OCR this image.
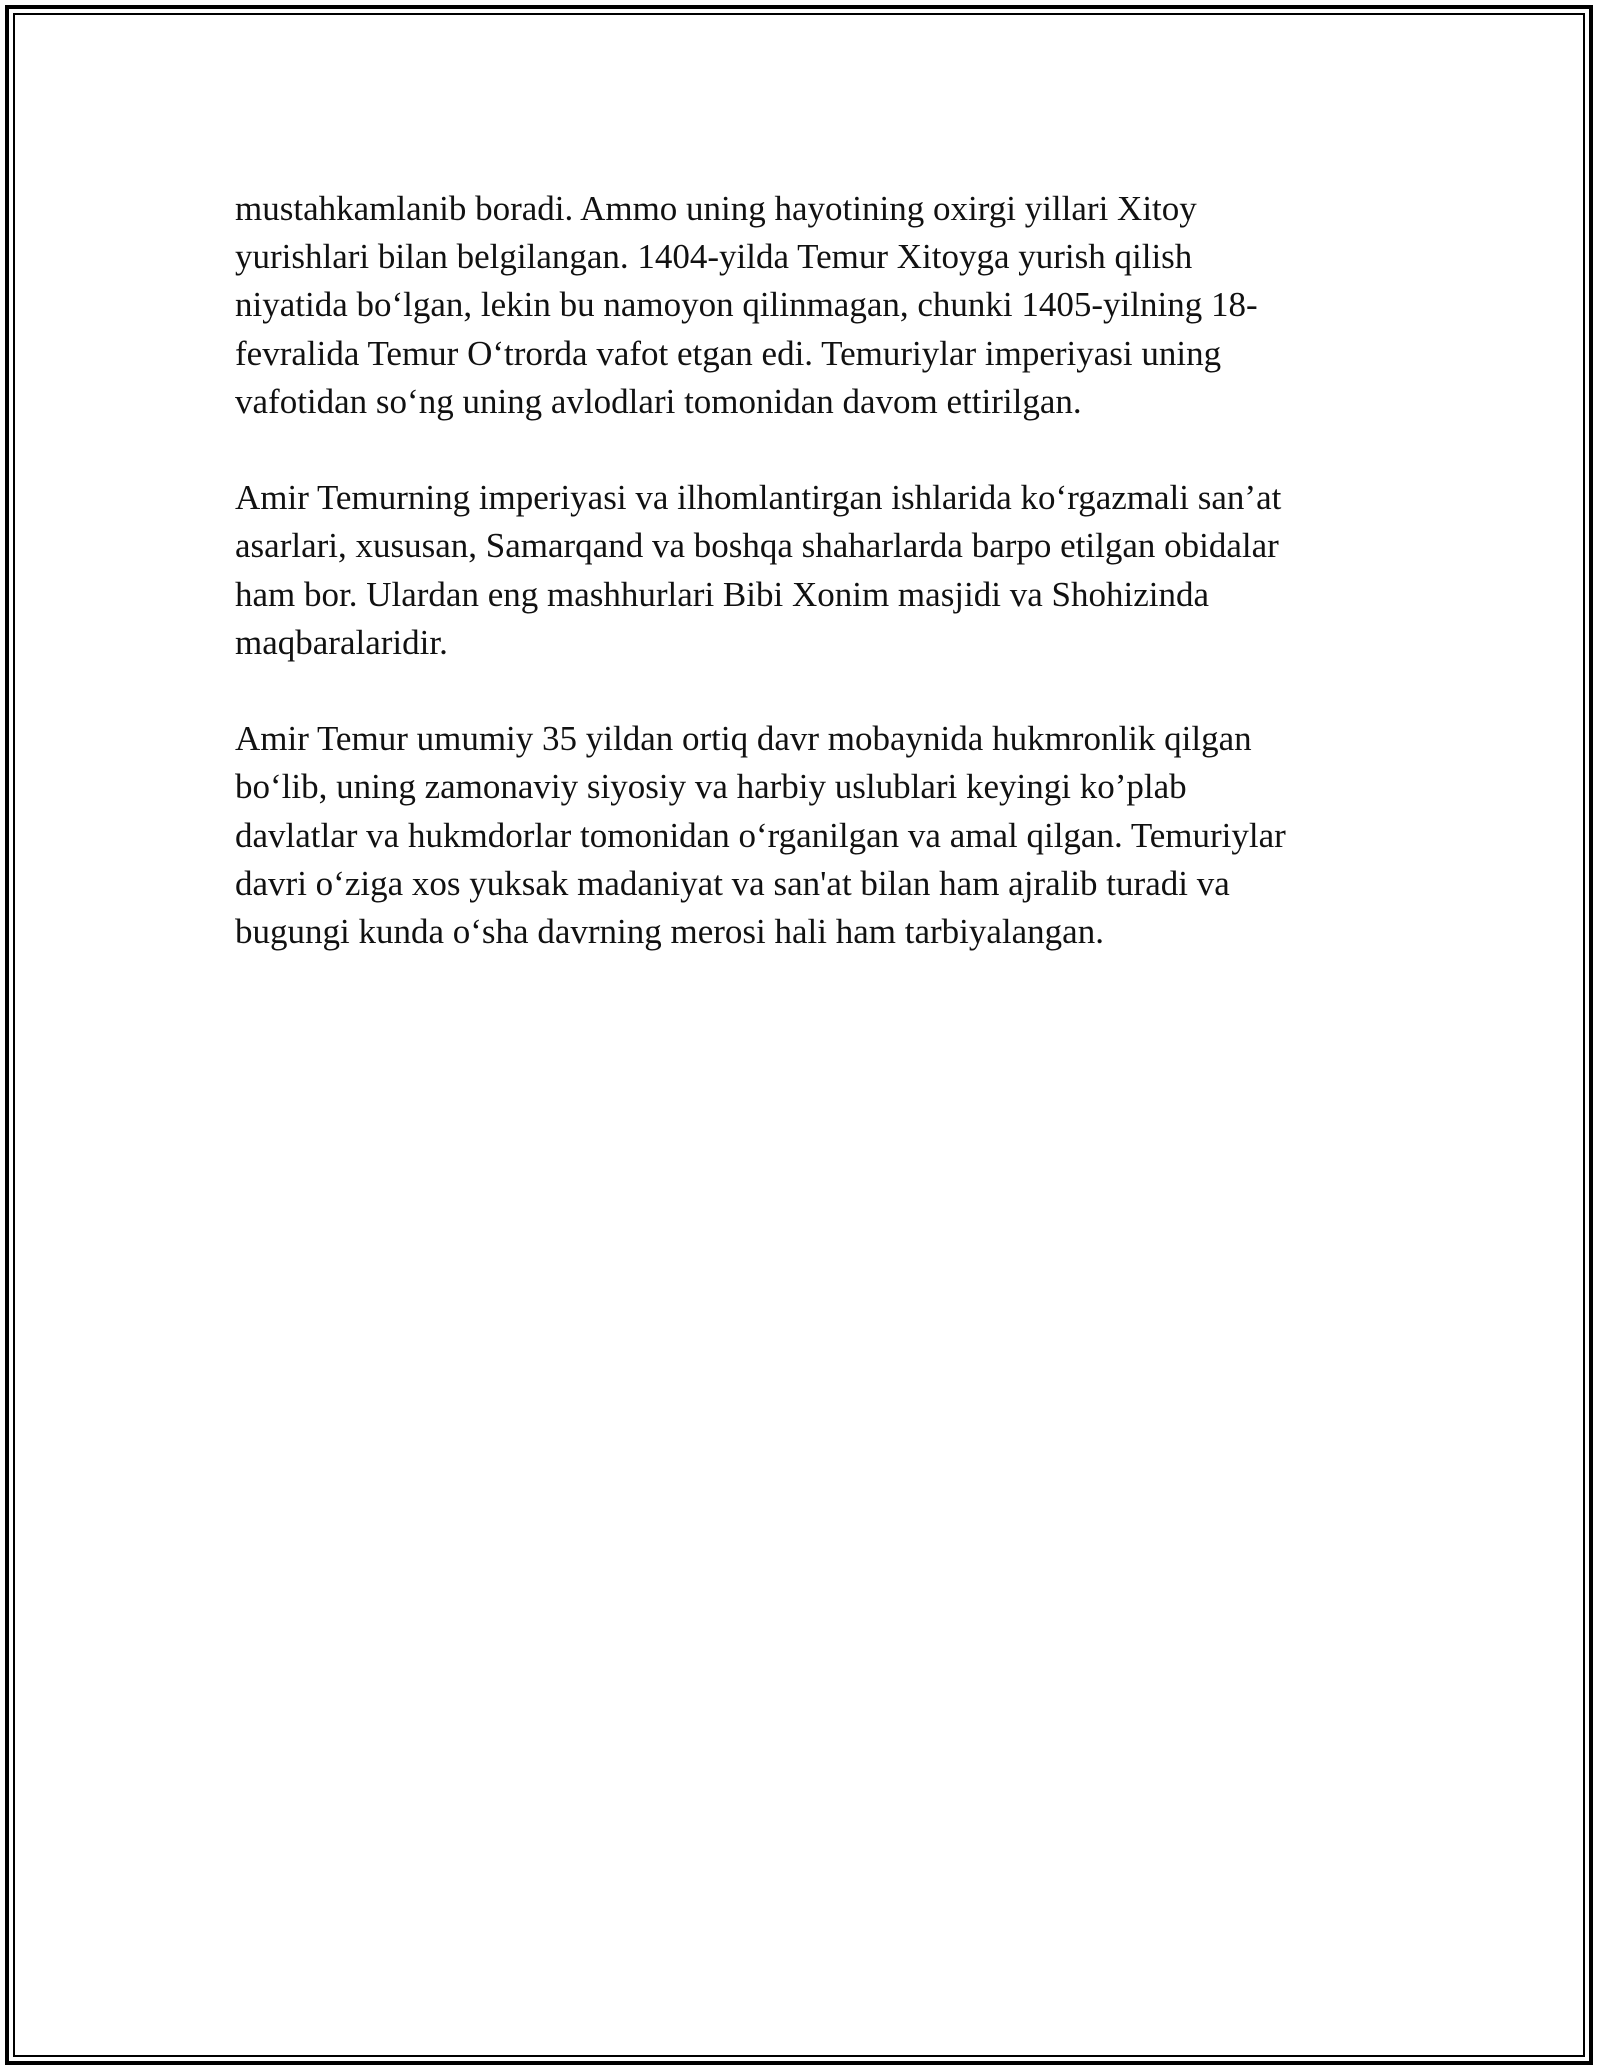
mustahkamlanib boradi. Ammo uning hayotining oxirgi yillari Xitoy
yurishlari bilan belgilangan. 1404-yilda Temur Xitoyga yurish qilish
niyatida bo‘lgan, lekin bu namoyon qilinmagan, chunki 1405-yilning 18-
fevralida Temur O‘trorda vafot etgan edi. Temuriylar imperiyasi uning
vafotidan so‘ng uning avlodlari tomonidan davom ettirilgan.

Amir Temurning imperiyasi va ilhomlantirgan ishlarida ko‘rgazmali san’at
asarlari, xususan, Samarqand va boshqa shaharlarda barpo etilgan obidalar
ham bor. Ulardan eng mashhurlari Bibi Xonim masjidi va Shohizinda
maqbaralaridir.

Amir Temur umumiy 35 yildan ortiq davr mobaynida hukmronlik qilgan
bo‘lib, uning zamonaviy siyosiy va harbiy uslublari keyingi ko’plab
davlatlar va hukmdorlar tomonidan o‘rganilgan va amal qilgan. Temuriylar
davri o‘ziga xos yuksak madaniyat va san'at bilan ham ajralib turadi va
bugungi kunda o‘sha davrning merosi hali ham tarbiyalangan.
